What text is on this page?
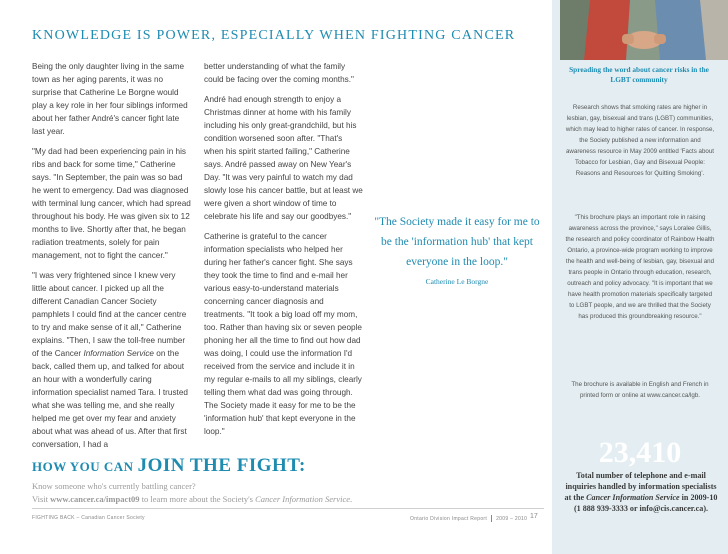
KNOWLEDGE IS POWER, ESPECIALLY WHEN FIGHTING CANCER

Being the only daughter living in the same town as her aging parents, it was no surprise that Catherine Le Borgne would play a key role in her four siblings informed about her father André's cancer fight late last year.

"My dad had been experiencing pain in his ribs and back for some time," Catherine says. "In September, the pain was so bad he went to emergency. Dad was diagnosed with terminal lung cancer, which had spread throughout his body. He was given six to 12 months to live. Shortly after that, he began radiation treatments, solely for pain management, not to fight the cancer."

"I was very frightened since I knew very little about cancer. I picked up all the different Canadian Cancer Society pamphlets I could find at the cancer centre to try and make sense of it all," Catherine explains. "Then, I saw the toll-free number of the Cancer Information Service on the back, called them up, and talked for about an hour with a wonderfully caring information specialist named Tara. I trusted what she was telling me, and she really helped me get over my fear and anxiety about what was ahead of us. After that first conversation, I had a

better understanding of what the family could be facing over the coming months."

André had enough strength to enjoy a Christmas dinner at home with his family including his only great-grandchild, but his condition worsened soon after. "That's when his spirit started failing," Catherine says. André passed away on New Year's Day. "It was very painful to watch my dad slowly lose his cancer battle, but at least we were given a short window of time to celebrate his life and say our goodbyes."

Catherine is grateful to the cancer information specialists who helped her during her father's cancer fight. She says they took the time to find and e-mail her various easy-to-understand materials concerning cancer diagnosis and treatments. "It took a big load off my mom, too. Rather than having six or seven people phoning her all the time to find out how dad was doing, I could use the information I'd received from the service and include it in my regular e-mails to all my siblings, clearly telling them what dad was going through. The Society made it easy for me to be the 'information hub' that kept everyone in the loop."

"The Society made it easy for me to be the 'information hub' that kept everyone in the loop."
Catherine Le Borgne
Spreading the word about cancer risks in the LGBT community
Research shows that smoking rates are higher in lesbian, gay, bisexual and trans (LGBT) communities, which may lead to higher rates of cancer. In response, the Society published a new information and awareness resource in May 2009 entitled 'Facts about Tobacco for Lesbian, Gay and Bisexual People: Reasons and Resources for Quitting Smoking'.
"This brochure plays an important role in raising awareness across the province," says Loralee Gillis, the research and policy coordinator of Rainbow Health Ontario, a province-wide program working to improve the health and well-being of lesbian, gay, bisexual and trans people in Ontario through education, research, outreach and policy advocacy. "It is important that we have health promotion materials specifically targeted to LGBT people, and we are thrilled that the Society has produced this groundbreaking resource."
The brochure is available in English and French in printed form or online at www.cancer.ca/lgb.
23,410
Total number of telephone and e-mail inquiries handled by information specialists at the Cancer Information Service in 2009-10 (1 888 939-3333 or info@cis.cancer.ca).
HOW YOU CAN JOIN THE FIGHT:
Know someone who's currently battling cancer?
Visit www.cancer.ca/impact09 to learn more about the Society's Cancer Information Service.
FIGHTING BACK – Canadian Cancer Society	Ontario Division Impact Report 2009 – 2010 17
